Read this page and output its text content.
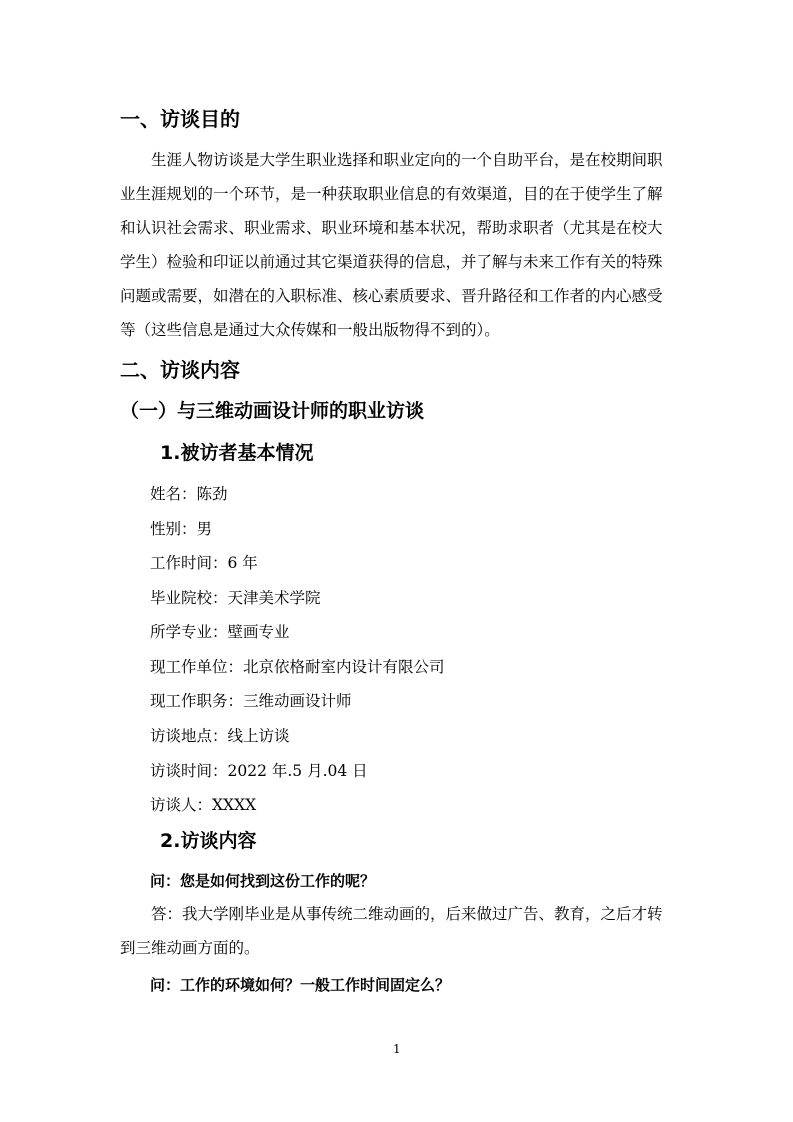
一、访谈目的
生涯人物访谈是大学生职业选择和职业定向的一个自助平台，是在校期间职
业生涯规划的一个环节，是一种获取职业信息的有效渠道，目的在于使学生了解
和认识社会需求、职业需求、职业环境和基本状况，帮助求职者（尤其是在校大
学生）检验和印证以前通过其它渠道获得的信息，并了解与未来工作有关的特殊
问题或需要，如潜在的入职标准、核心素质要求、晋升路径和工作者的内心感受
等（这些信息是通过大众传媒和一般出版物得不到的）。
二、访谈内容
（一）与三维动画设计师的职业访谈
1.被访者基本情况
姓名：陈劲
性别：男
工作时间：6 年
毕业院校：天津美术学院
所学专业：壁画专业
现工作单位：北京依格耐室内设计有限公司
现工作职务：三维动画设计师
访谈地点：线上访谈
访谈时间：2022 年.5 月.04 日
访谈人：XXXX
2.访谈内容
问：您是如何找到这份工作的呢？
答：我大学刚毕业是从事传统二维动画的，后来做过广告、教育，之后才转
到三维动画方面的。
问：工作的环境如何？一般工作时间固定么？
1
